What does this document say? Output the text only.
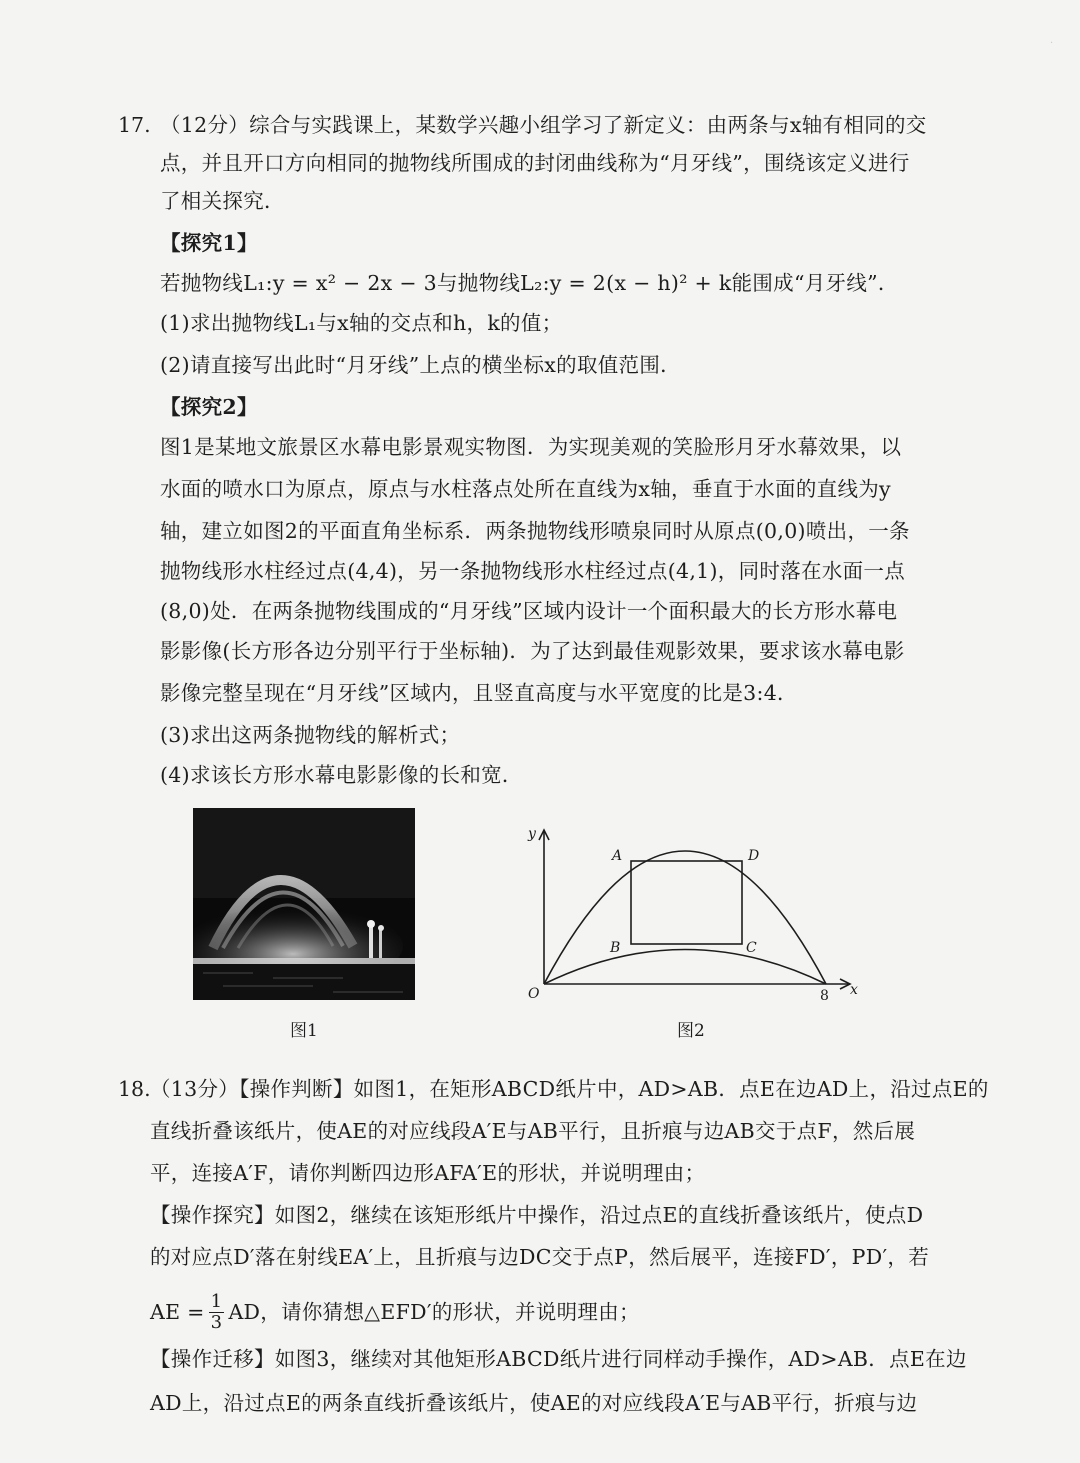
·
17. （12分）综合与实践课上，某数学兴趣小组学习了新定义：由两条与x轴有相同的交
点，并且开口方向相同的抛物线所围成的封闭曲线称为“月牙线”，围绕该定义进行
了相关探究．
【探究1】
若抛物线L₁:y = x² − 2x − 3与抛物线L₂:y = 2(x − h)² + k能围成“月牙线”．
(1)求出抛物线L₁与x轴的交点和h，k的值；
(2)请直接写出此时“月牙线”上点的横坐标x的取值范围．
【探究2】
图1是某地文旅景区水幕电影景观实物图．为实现美观的笑脸形月牙水幕效果，以
水面的喷水口为原点，原点与水柱落点处所在直线为x轴，垂直于水面的直线为y
轴，建立如图2的平面直角坐标系．两条抛物线形喷泉同时从原点(0,0)喷出，一条
抛物线形水柱经过点(4,4)，另一条抛物线形水柱经过点(4,1)，同时落在水面一点
(8,0)处．在两条抛物线围成的“月牙线”区域内设计一个面积最大的长方形水幕电
影影像(长方形各边分别平行于坐标轴)．为了达到最佳观影效果，要求该水幕电影
影像完整呈现在“月牙线”区域内，且竖直高度与水平宽度的比是3:4．
(3)求出这两条抛物线的解析式；
(4)求该长方形水幕电影影像的长和宽．
图1
y
x
O	8
A
B	C
D
图2
18. （13分）【操作判断】如图1，在矩形ABCD纸片中，AD>AB．点E在边AD上，沿过点E的
直线折叠该纸片，使AE的对应线段A′E与AB平行，且折痕与边AB交于点F，然后展
平，连接A′F，请你判断四边形AFA′E的形状，并说明理由；
【操作探究】如图2，继续在该矩形纸片中操作，沿过点E的直线折叠该纸片，使点D
的对应点D′落在射线EA′上，且折痕与边DC交于点P，然后展平，连接FD′，PD′，若
AE = $\frac{1}{3}$ AD，请你猜想△EFD′的形状，并说明理由；
【操作迁移】如图3，继续对其他矩形ABCD纸片进行同样动手操作，AD>AB．点E在边
AD上，沿过点E的两条直线折叠该纸片，使AE的对应线段A′E与AB平行，折痕与边
